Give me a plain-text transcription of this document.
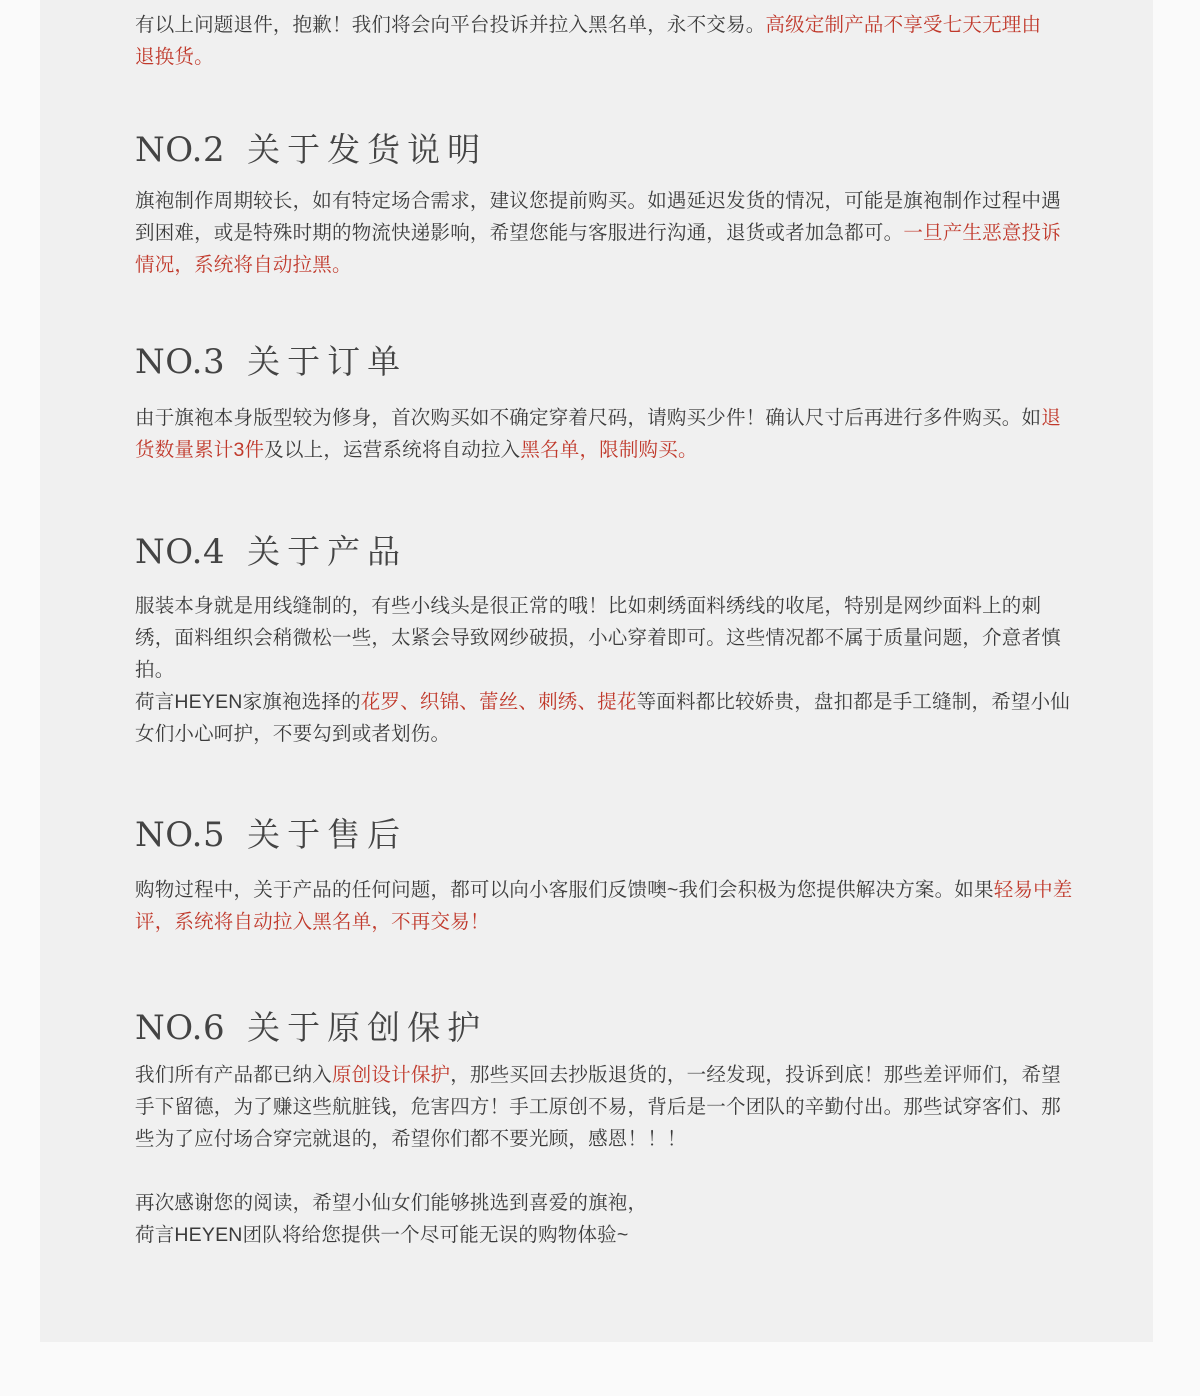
有以上问题退件，抱歉！我们将会向平台投诉并拉入黑名单，永不交易。高级定制产品不享受七天无理由
退换货。

NO.2 关于发货说明

旗袍制作周期较长，如有特定场合需求，建议您提前购买。如遇延迟发货的情况，可能是旗袍制作过程中遇到困难，或是特殊时期的物流快递影响，希望您能与客服进行沟通，退货或者加急都可。一旦产生恶意投诉情况，系统将自动拉黑。

NO.3 关于订单

由于旗袍本身版型较为修身，首次购买如不确定穿着尺码，请购买少件！确认尺寸后再进行多件购买。如退货数量累计3件及以上，运营系统将自动拉入黑名单，限制购买。

NO.4 关于产品

服装本身就是用线缝制的，有些小线头是很正常的哦！比如刺绣面料绣线的收尾，特别是网纱面料上的刺绣，面料组织会稍微松一些，太紧会导致网纱破损，小心穿着即可。这些情况都不属于质量问题，介意者慎拍。

荷言HEYEN家旗袍选择的花罗、织锦、蕾丝、刺绣、提花等面料都比较娇贵，盘扣都是手工缝制，希望小仙女们小心呵护，不要勾到或者划伤。

NO.5 关于售后

购物过程中，关于产品的任何问题，都可以向小客服们反馈噢~我们会积极为您提供解决方案。如果轻易中差评，系统将自动拉入黑名单，不再交易！

NO.6 关于原创保护

我们所有产品都已纳入原创设计保护，那些买回去抄版退货的，一经发现，投诉到底！那些差评师们，希望手下留德，为了赚这些航脏钱，危害四方！手工原创不易，背后是一个团队的辛勤付出。那些试穿客们、那些为了应付场合穿完就退的，希望你们都不要光顾，感恩！！！

再次感谢您的阅读，希望小仙女们能够挑选到喜爱的旗袍，
荷言HEYEN团队将给您提供一个尽可能无误的购物体验~
